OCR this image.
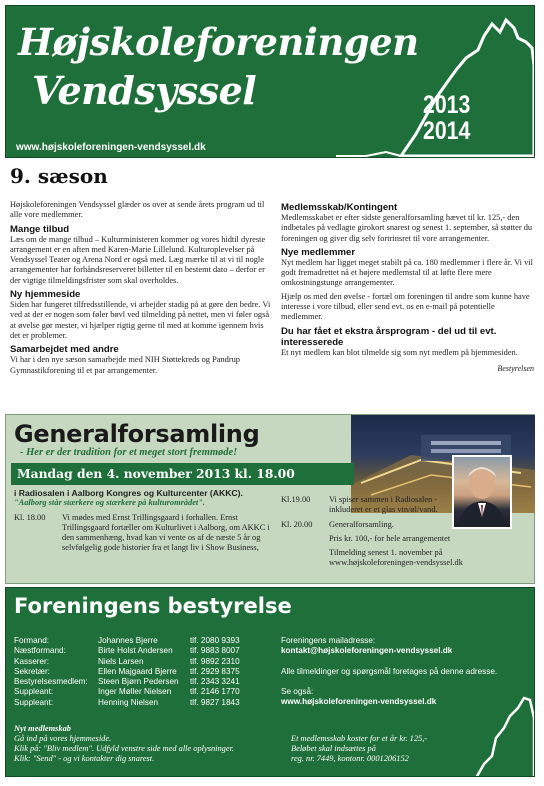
Højskoleforeningen
Vendsyssel	2013
2014
www.højskoleforeningen-vendsyssel.dk
9. sæson

Højskoleforeningen Vendsyssel glæder os over at sende årets program ud til alle vore medlemmer.

Mange tilbud

Læs om de mange tilbud – Kulturministeren kommer og vores hidtil dyreste arrangement er en aften med Karen-Marie Lillelund. Kulturoplevelser på Vendsyssel Teater og Arena Nord er også med. Læg mærke til at vi til nogle arrangementer har forhåndsreserveret billetter til en bestemt dato – derfor er der vigtige tilmeldingsfrister som skal overholdes.

Ny hjemmeside

Siden har fungeret tilfredsstillende, vi arbejder stadig på at gøre den bedre. Vi ved at der er nogen som føler bøvl ved tilmelding på nettet, men vi føler også at øvelse gør mester, vi hjælper rigtig gerne til med at komme igennem hvis det er problemer.

Samarbejdet med andre

Vi har i den nye sæson samarbejde med NIH Støttekreds og Pandrup Gymnastikforening til et par arrangementer.

Medlemsskab/Kontingent

Medlemsskabet er efter sidste generalforsamling hævet til kr. 125,- den indbetales på vedlagte girokort snarest og senest 1. september, så støtter du foreningen og giver dig selv fortrinsret til vore arrangementer.

Nye medlemmer

Nyt medlem har ligget meget stabilt på ca. 180 medlemmer i flere år. Vi vil godt fremadrettet nå et højere medlemstal til at løfte flere mere omkostningstunge arrangementer.

Hjælp os med den øvelse - fortæl om foreningen til andre som kunne have interesse i vore tilbud, eller send evt. os en e-mail på potentielle medlemmer.

Du har fået et ekstra årsprogram - del ud til evt. interesserede

Et nyt medlem kan blot tilmelde sig som nyt medlem på hjemmesiden.

Bestyrelsen
Generalforsamling
- Her er der tradition for et meget stort fremmøde!
Mandag den 4. november 2013 kl. 18.00
i Radiosalen i Aalborg Kongres og Kulturcenter (AKKC).
"Aalborg står stærkere og stærkere på kulturområdet".
Kl. 18.00	Vi mødes med Ernst Trillingsgaard i forhallen. Ernst Trillingsgaard fortæller om Kulturlivet i Aalborg, om AKKC i den sammenhæng, hvad kan vi vente os af de næste 5 år og selvfølgelig gode historier fra et langt liv i Show Business,
Kl.19.00	Vi spiser sammen i Radiosalen - inkluderet er et glas vin/øl/vand.
Kl. 20.00	Generalforsamling.
Pris kr. 100,- for hele arrangementet
Tilmelding senest 1. november på www.højskoleforeningen-vendsyssel.dk
Foreningens bestyrelse
Formand:	Johannes Bjerre	tlf. 2080 9393
Næstformand:	Birte Holst Andersen	tlf. 9883 8007
Kasserer:	Niels Larsen	tlf. 9892 2310
Sekretær:	Ellen Majgaard Bjerre	tlf. 2929 8375
Bestyrelsesmedlem:	Steen Bjørn Pedersen	tlf. 2343 3241
Suppleant:	Inger Møller Nielsen	tlf. 2146 1770
Suppleant:	Henning Nielsen	tlf. 9827 1843

Foreningens mailadresse:

kontakt@højskoleforeningen-vendsyssel.dk

Alle tilmeldinger og spørgsmål foretages på denne adresse.

Se også:

www.højskoleforeningen-vendsyssel.dk

Nyt medlemskab
Gå ind på vores hjemmeside.
Klik på: "Bliv medlem". Udfyld venstre side med alle oplysninger.
Klik: "Send" - og vi kontakter dig snarest.
Et medlemsskab koster for et år kr. 125,-
Beløbet skal indsættes på
reg. nr. 7449, kontonr. 0001206152
